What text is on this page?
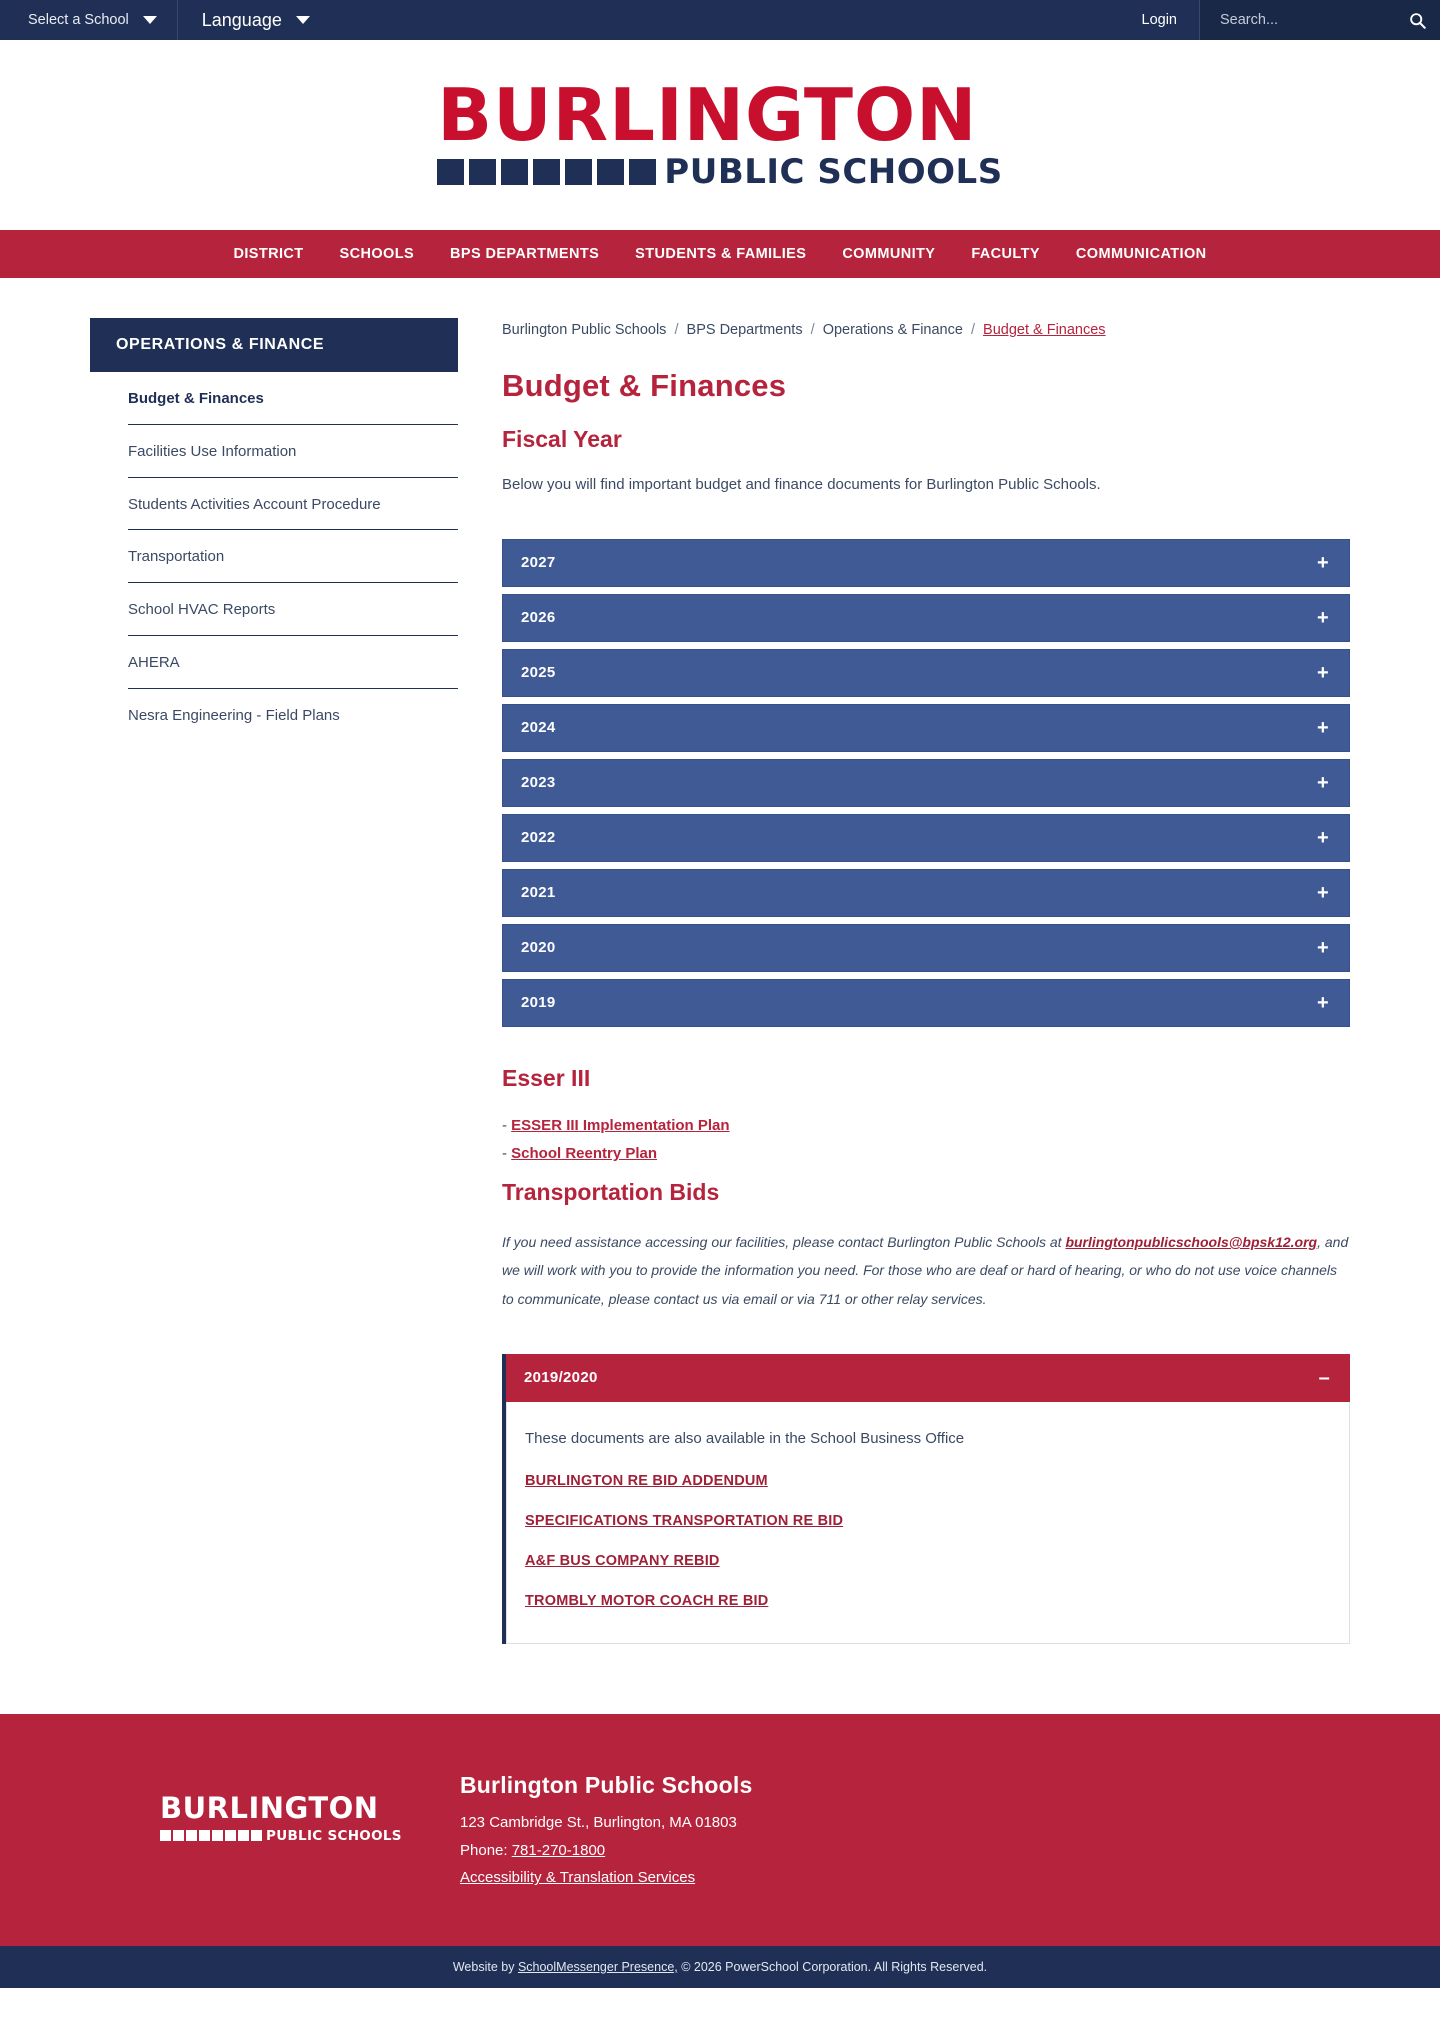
Select a School	Language	Login
Search...
BURLINGTON
PUBLIC SCHOOLS
DISTRICT	SCHOOLS	BPS DEPARTMENTS	STUDENTS & FAMILIES	COMMUNITY	FACULTY	COMMUNICATION
OPERATIONS & FINANCE
Budget & Finances
Facilities Use Information
Students Activities Account Procedure
Transportation
School HVAC Reports
AHERA
Nesra Engineering - Field Plans
Burlington Public Schools / BPS Departments / Operations & Finance / Budget & Finances
Budget & Finances
Fiscal Year

Below you will find important budget and finance documents for Burlington Public Schools.

2027	+
2026	+
2025	+
2024	+
2023	+
2022	+
2021	+
2020	+
2019	+
Esser III
- ESSER III Implementation Plan
- School Reentry Plan
Transportation Bids

If you need assistance accessing our facilities, please contact Burlington Public Schools at burlingtonpublicschools@bpsk12.org, and we will work with you to provide the information you need. For those who are deaf or hard of hearing, or who do not use voice channels to communicate, please contact us via email or via 711 or other relay services.

2019/2020	–

These documents are also available in the School Business Office

BURLINGTON RE BID ADDENDUM
SPECIFICATIONS TRANSPORTATION RE BID
A&F BUS COMPANY REBID
TROMBLY MOTOR COACH RE BID
BURLINGTON
PUBLIC SCHOOLS
Burlington Public Schools
123 Cambridge St., Burlington, MA 01803
Phone: 781-270-1800
Accessibility & Translation Services
Website by SchoolMessenger Presence, © 2026 PowerSchool Corporation. All Rights Reserved.
